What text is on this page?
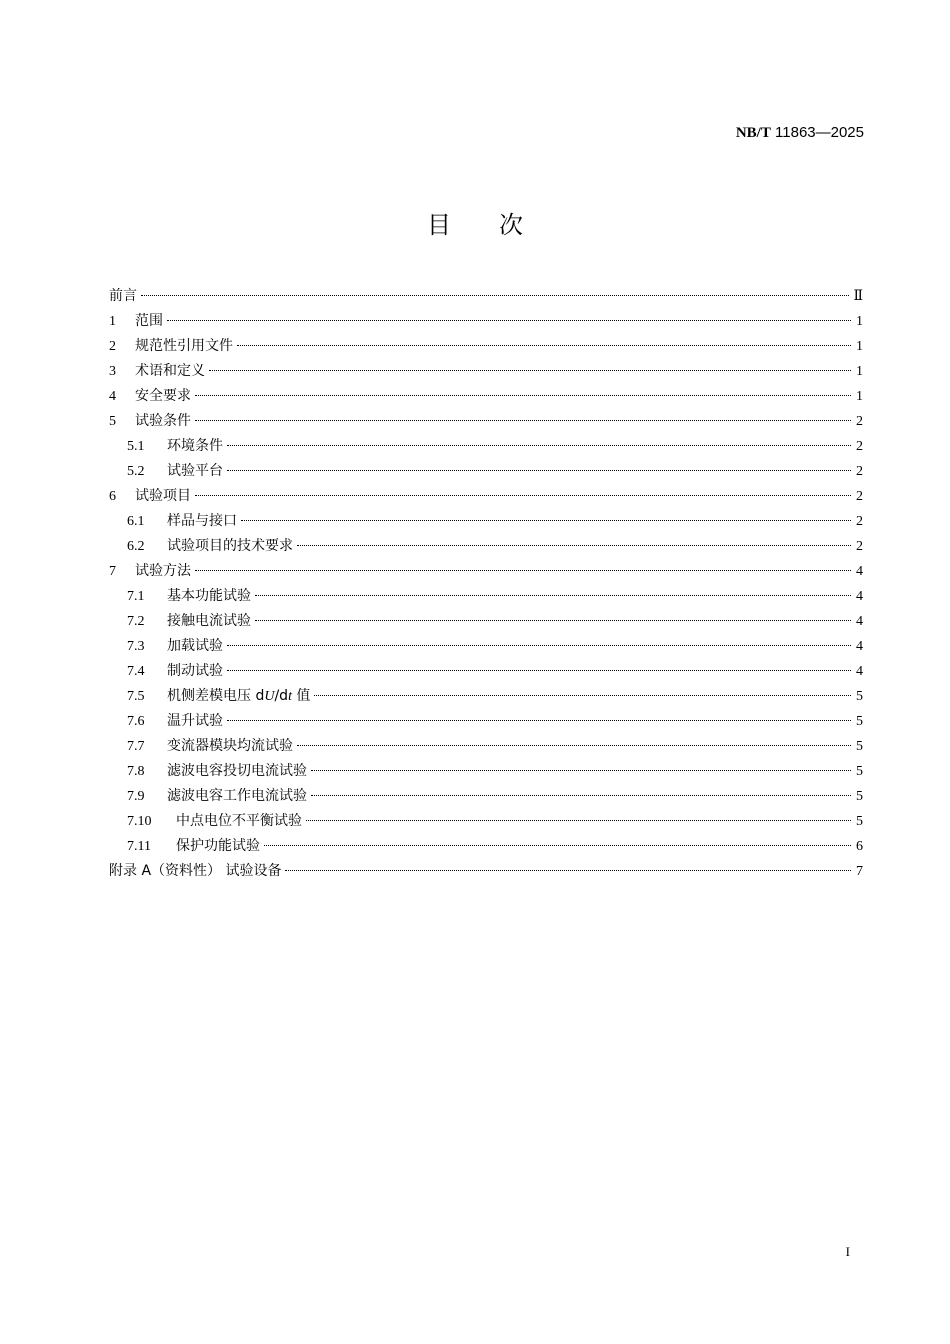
NB/T 11863—2025
目次
前言	Ⅱ
1	范围	1
2	规范性引用文件	1
3	术语和定义	1
4	安全要求	1
5	试验条件	2
5.1	环境条件	2
5.2	试验平台	2
6	试验项目	2
6.1	样品与接口	2
6.2	试验项目的技术要求	2
7	试验方法	4
7.1	基本功能试验	4
7.2	接触电流试验	4
7.3	加载试验	4
7.4	制动试验	4
7.5	机侧差模电压 dU/dt 值	5
7.6	温升试验	5
7.7	变流器模块均流试验	5
7.8	滤波电容投切电流试验	5
7.9	滤波电容工作电流试验	5
7.10	中点电位不平衡试验	5
7.11	保护功能试验	6
附录 A（资料性） 试验设备	7
I
